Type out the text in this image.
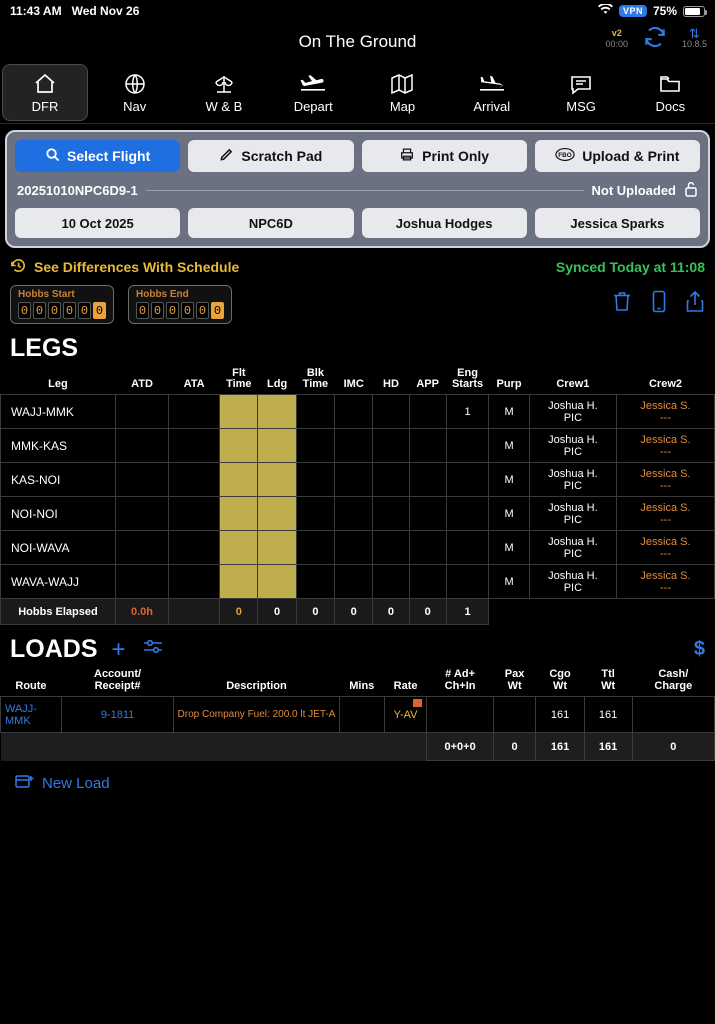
11:43 AM Wed Nov 26	VPN 75%
On The Ground	v2
00:00
⇅
10.8.5
DFR	Nav	W & B	Depart	Map	Arrival	MSG	Docs
Select Flight	Scratch Pad	Print Only	FBO Upload & Print
20251010NPC6D9-1	Not Uploaded
10 Oct 2025	NPC6D	Joshua Hodges	Jessica Sparks
See Differences With Schedule	Synced Today at 11:08
Hobbs Start
0 0 0 0 0 0
Hobbs End
0 0 0 0 0 0
LEGS
Leg	ATD	ATA	Flt
Time	Ldg	Blk
Time	IMC	HD	APP	Eng
Starts	Purp	Crew1	Crew2
WAJJ-MMK									1	M	Joshua H.
PIC	Jessica S.
---
MMK-KAS										M	Joshua H.
PIC	Jessica S.
---
KAS-NOI										M	Joshua H.
PIC	Jessica S.
---
NOI-NOI										M	Joshua H.
PIC	Jessica S.
---
NOI-WAVA										M	Joshua H.
PIC	Jessica S.
---
WAVA-WAJJ										M	Joshua H.
PIC	Jessica S.
---
Hobbs Elapsed	0.0h		0	0	0	0	0	0	1			
LOADS +	$
Route	Account/
Receipt#	Description	Mins	Rate	# Ad+
Ch+In	Pax
Wt	Cgo
Wt	Ttl
Wt	Cash/
Charge
WAJJ-MMK	9-1811	Drop Company Fuel: 200.0 lt JET-A		Y-AV			161	161	
					0+0+0	0	161	161	0
New Load
